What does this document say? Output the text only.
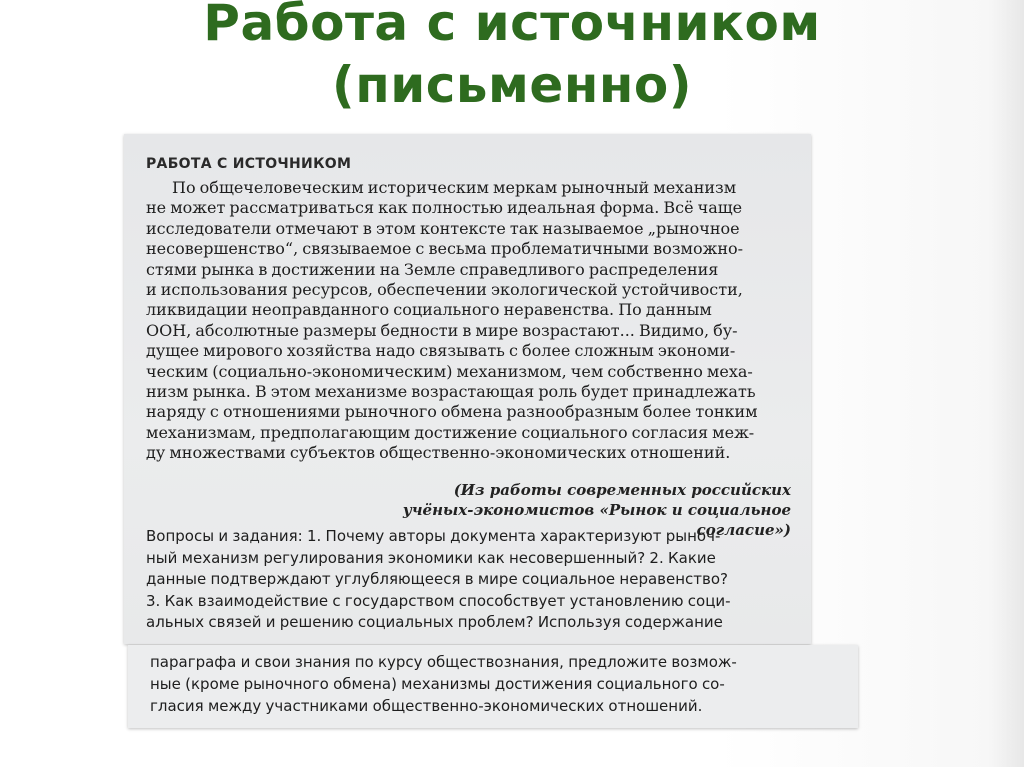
Работа с источником
(письменно)
РАБОТА С ИСТОЧНИКОМ

По общечеловеческим историческим меркам рыночный механизм
не может рассматриваться как полностью идеальная форма. Всё чаще
исследователи отмечают в этом контексте так называемое „рыночное
несовершенство“, связываемое с весьма проблематичными возможно-
стями рынка в достижении на Земле справедливого распределения
и использования ресурсов, обеспечении экологической устойчивости,
ликвидации неоправданного социального неравенства. По данным
ООН, абсолютные размеры бедности в мире возрастают... Видимо, бу-
дущее мирового хозяйства надо связывать с более сложным экономи-
ческим (социально-экономическим) механизмом, чем собственно меха-
низм рынка. В этом механизме возрастающая роль будет принадлежать
наряду с отношениями рыночного обмена разнообразным более тонким
механизмам, предполагающим достижение социального согласия меж-
ду множествами субъектов общественно-экономических отношений.

(Из работы современных российских
учёных-экономистов «Рынок и социальное согласие»)
Вопросы и задания: 1. Почему авторы документа характеризуют рыноч-
ный механизм регулирования экономики как несовершенный? 2. Какие
данные подтверждают углубляющееся в мире социальное неравенство?
3. Как взаимодействие с государством способствует установлению соци-
альных связей и решению социальных проблем? Используя содержание
параграфа и свои знания по курсу обществознания, предложите возмож-
ные (кроме рыночного обмена) механизмы достижения социального со-
гласия между участниками общественно-экономических отношений.
